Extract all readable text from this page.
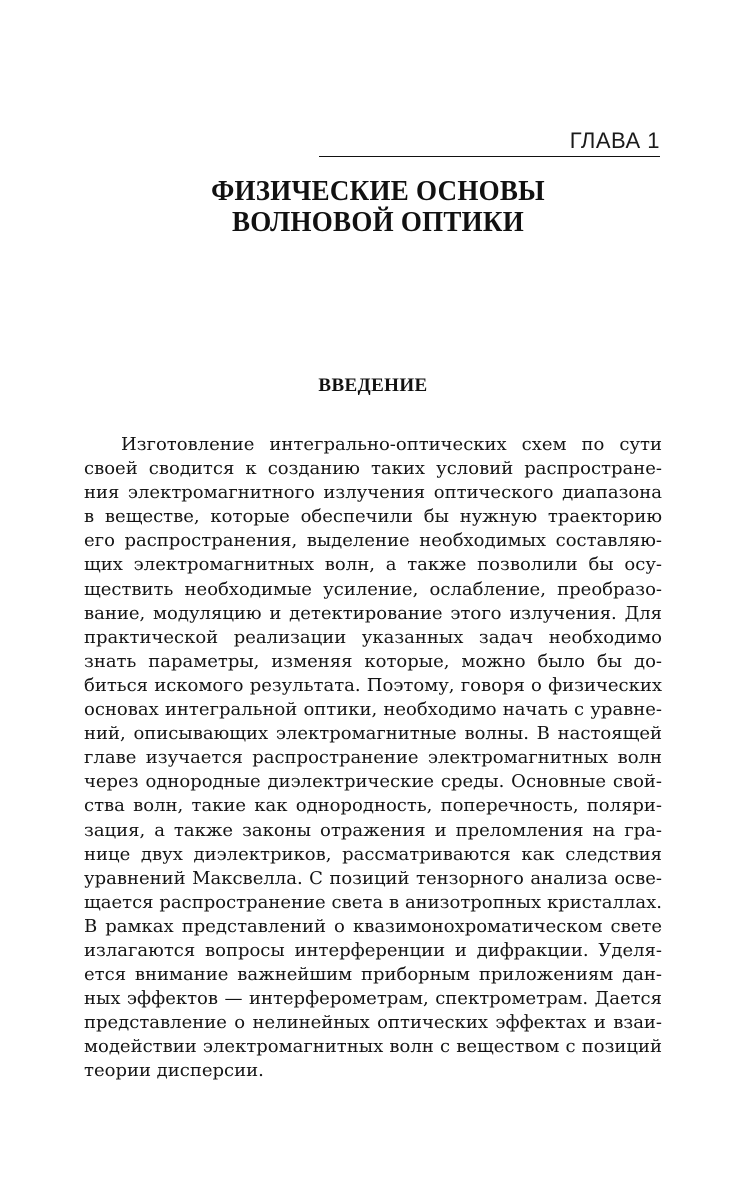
ГЛАВА 1
ФИЗИЧЕСКИЕ ОСНОВЫ
ВОЛНОВОЙ ОПТИКИ
ВВЕДЕНИЕ
Изготовление интегрально-оптических схем по сути
своей сводится к созданию таких условий распростране-
ния электромагнитного излучения оптического диапазона
в веществе, которые обеспечили бы нужную траекторию
его распространения, выделение необходимых составляю-
щих электромагнитных волн, а также позволили бы осу-
ществить необходимые усиление, ослабление, преобразо-
вание, модуляцию и детектирование этого излучения. Для
практической реализации указанных задач необходимо
знать параметры, изменяя которые, можно было бы до-
биться искомого результата. Поэтому, говоря о физических
основах интегральной оптики, необходимо начать с уравне-
ний, описывающих электромагнитные волны. В настоящей
главе изучается распространение электромагнитных волн
через однородные диэлектрические среды. Основные свой-
ства волн, такие как однородность, поперечность, поляри-
зация, а также законы отражения и преломления на гра-
нице двух диэлектриков, рассматриваются как следствия
уравнений Максвелла. С позиций тензорного анализа осве-
щается распространение света в анизотропных кристаллах.
В рамках представлений о квазимонохроматическом свете
излагаются вопросы интерференции и дифракции. Уделя-
ется внимание важнейшим приборным приложениям дан-
ных эффектов — интерферометрам, спектрометрам. Дается
представление о нелинейных оптических эффектах и взаи-
модействии электромагнитных волн с веществом с позиций
теории дисперсии.
